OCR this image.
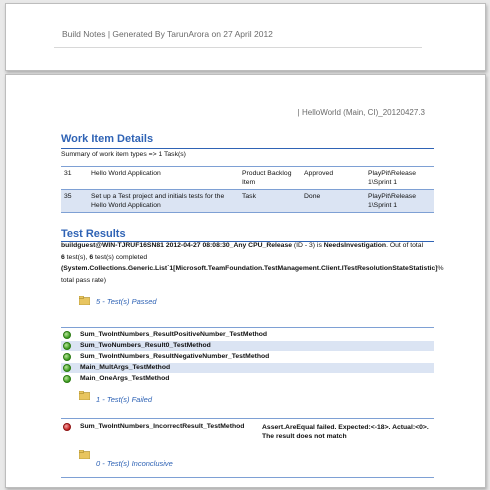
Build Notes | Generated By TarunArora on 27 April 2012
| HelloWorld (Main, CI)_20120427.3
Work Item Details
Summary of work item types => 1 Task(s)
31	Hello World Application	Product Backlog Item	Approved	PlayPit\Release 1\Sprint 1
35	Set up a Test project and initials tests for the Hello World Application	Task	Done	PlayPit\Release 1\Sprint 1
Test Results
buildguest@WIN-TJRUF16SN81 2012-04-27 08:08:30_Any CPU_Release (ID - 3) is NeedsInvestigation. Out of total
6 test(s), 6 test(s) completed
(System.Collections.Generic.List`1[Microsoft.TeamFoundation.TestManagement.Client.ITestResolutionStateStatistic]% total pass rate)
5 - Test(s) Passed
Sum_TwoIntNumbers_ResultPositiveNumber_TestMethod
Sum_TwoNumbers_Result0_TestMethod
Sum_TwoIntNumbers_ResultNegativeNumber_TestMethod
Main_MultArgs_TestMethod
Main_OneArgs_TestMethod
1 - Test(s) Failed
Sum_TwoIntNumbers_IncorrectResult_TestMethod	Assert.AreEqual failed. Expected:<-18>. Actual:<0>. The result does not match
0 - Test(s) Inconclusive
